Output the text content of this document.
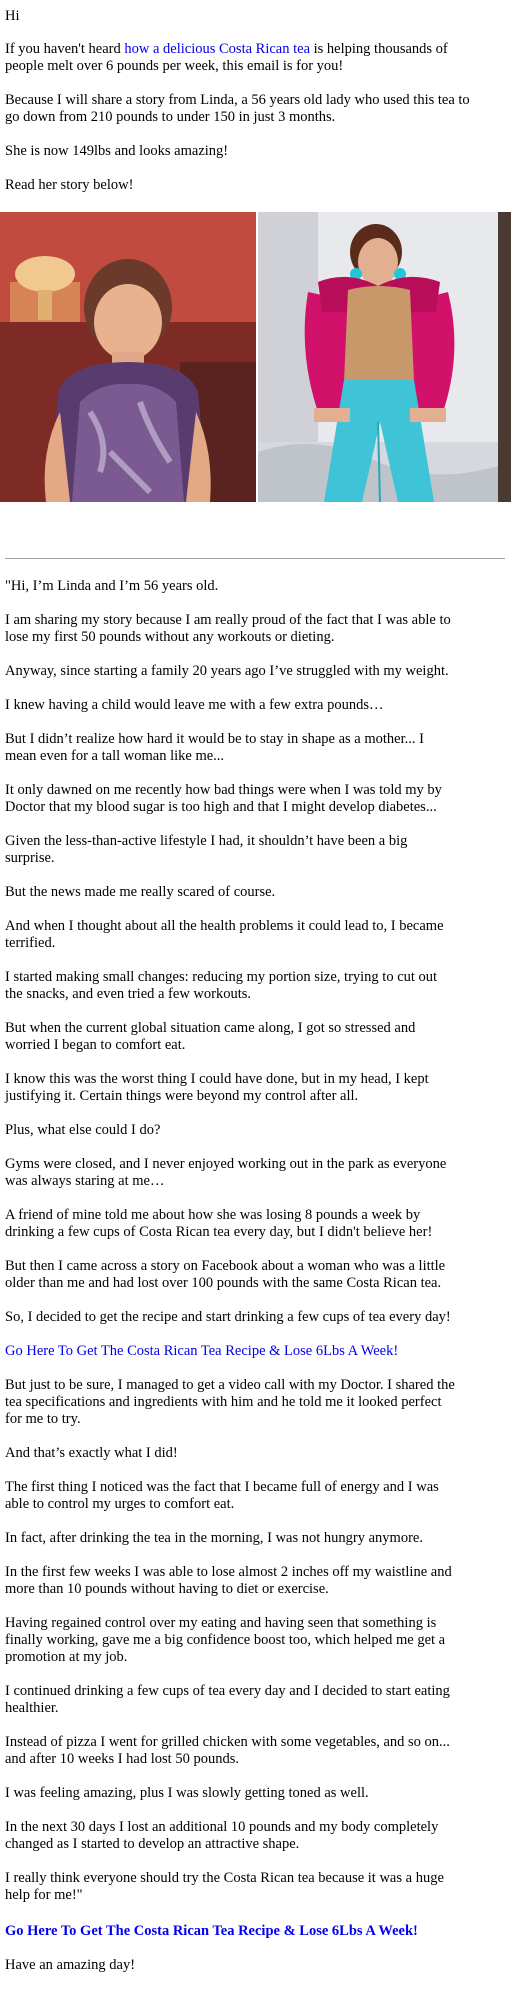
Hi

If you haven't heard how a delicious Costa Rican tea is helping thousands of

people melt over 6 pounds per week, this email is for you!

Because I will share a story from Linda, a 56 years old lady who used this tea to

go down from 210 pounds to under 150 in just 3 months.

She is now 149lbs and looks amazing!

Read her story below!

"Hi, I’m Linda and I’m 56 years old.

I am sharing my story because I am really proud of the fact that I was able to

lose my first 50 pounds without any workouts or dieting.

Anyway, since starting a family 20 years ago I’ve struggled with my weight.

I knew having a child would leave me with a few extra pounds…

But I didn’t realize how hard it would be to stay in shape as a mother... I

mean even for a tall woman like me...

It only dawned on me recently how bad things were when I was told my by

Doctor that my blood sugar is too high and that I might develop diabetes...

Given the less-than-active lifestyle I had, it shouldn’t have been a big

surprise.

But the news made me really scared of course.

And when I thought about all the health problems it could lead to, I became

terrified.

I started making small changes: reducing my portion size, trying to cut out

the snacks, and even tried a few workouts.

But when the current global situation came along, I got so stressed and

worried I began to comfort eat.

I know this was the worst thing I could have done, but in my head, I kept

justifying it. Certain things were beyond my control after all.

Plus, what else could I do?

Gyms were closed, and I never enjoyed working out in the park as everyone

was always staring at me…

A friend of mine told me about how she was losing 8 pounds a week by

drinking a few cups of Costa Rican tea every day, but I didn't believe her!

But then I came across a story on Facebook about a woman who was a little

older than me and had lost over 100 pounds with the same Costa Rican tea.

So, I decided to get the recipe and start drinking a few cups of tea every day!

Go Here To Get The Costa Rican Tea Recipe & Lose 6Lbs A Week!

But just to be sure, I managed to get a video call with my Doctor. I shared the

tea specifications and ingredients with him and he told me it looked perfect

for me to try.

And that’s exactly what I did!

The first thing I noticed was the fact that I became full of energy and I was

able to control my urges to comfort eat.

In fact, after drinking the tea in the morning, I was not hungry anymore.

In the first few weeks I was able to lose almost 2 inches off my waistline and

more than 10 pounds without having to diet or exercise.

Having regained control over my eating and having seen that something is

finally working, gave me a big confidence boost too, which helped me get a

promotion at my job.

I continued drinking a few cups of tea every day and I decided to start eating

healthier.

Instead of pizza I went for grilled chicken with some vegetables, and so on...

and after 10 weeks I had lost 50 pounds.

I was feeling amazing, plus I was slowly getting toned as well.

In the next 30 days I lost an additional 10 pounds and my body completely

changed as I started to develop an attractive shape.

I really think everyone should try the Costa Rican tea because it was a huge

help for me!"

Go Here To Get The Costa Rican Tea Recipe & Lose 6Lbs A Week!

Have an amazing day!
